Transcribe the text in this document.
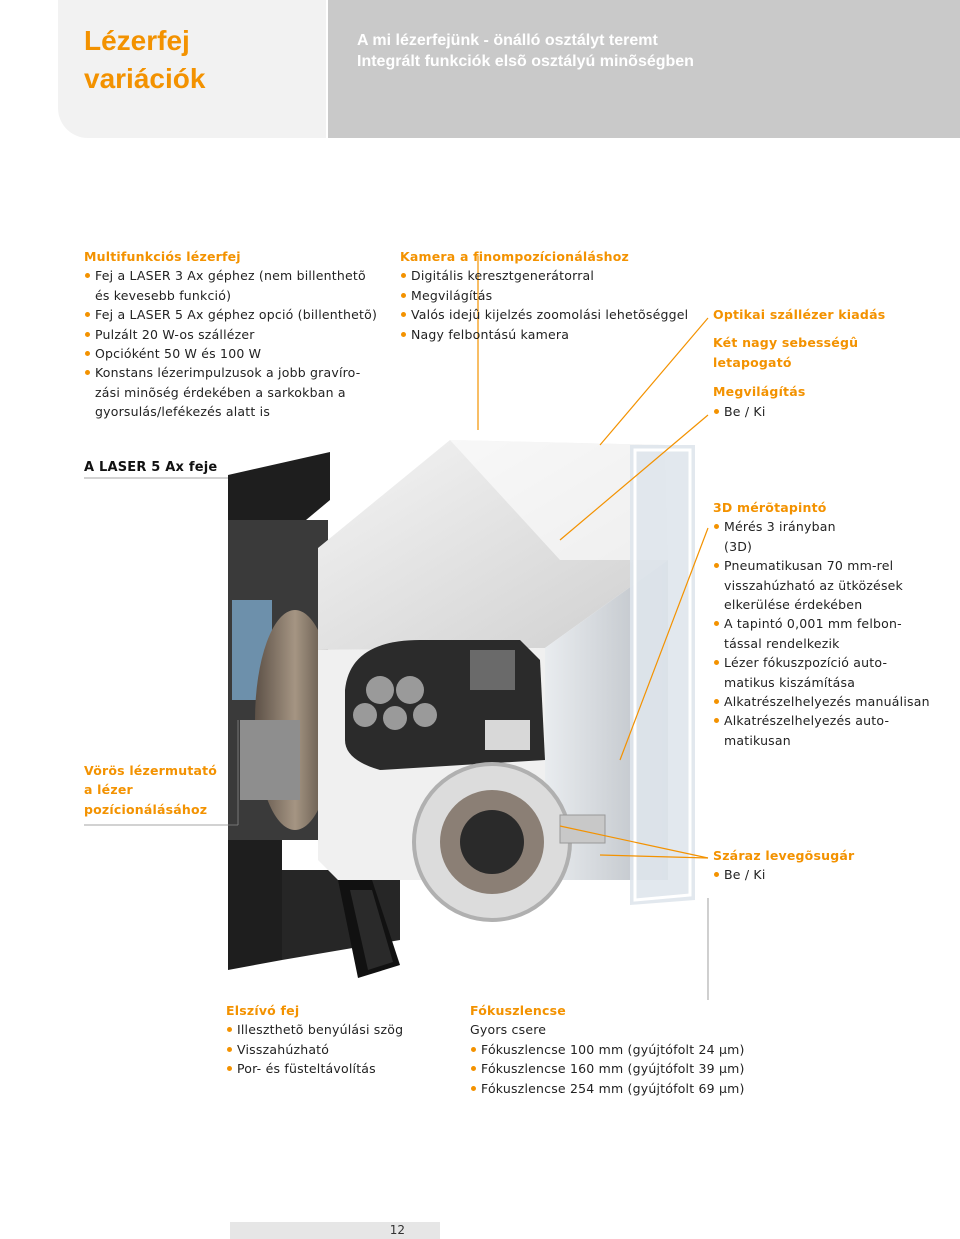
Lézerfej
variációk
A mi lézerfejünk - önálló osztályt teremt
Integrált funkciók elsõ osztályú minõségben
Multifunkciós lézerfej
Fej a LASER 3 Ax géphez (nem billenthetõ
és kevesebb funkció)
Fej a LASER 5 Ax géphez opció (billenthetõ)
Pulzált 20 W-os szállézer
Opcióként 50 W és 100 W
Konstans lézerimpulzusok a jobb gravíro-
zási minõség érdekében a sarkokban a
gyorsulás/lefékezés alatt is
Kamera a finompozícionáláshoz
Digitális keresztgenerátorral
Megvilágítás
Valós idejû kijelzés zoomolási lehetõséggel
Nagy felbontású kamera
Optikai szállézer kiadás
Két nagy sebességû
letapogató
Megvilágítás
Be / Ki
A LASER 5 Ax feje
3D mérõtapintó
Mérés 3 irányban
(3D)
Pneumatikusan 70 mm-rel
visszahúzható az ütközések
elkerülése érdekében
A tapintó 0,001 mm felbon-
tással rendelkezik
Lézer fókuszpozíció auto-
matikus kiszámítása
Alkatrészelhelyezés manuálisan
Alkatrészelhelyezés auto-
matikusan
Vörös lézermutató
a lézer
pozícionálásához
Száraz levegõsugár
Be / Ki
Elszívó fej
Illeszthetõ benyúlási szög
Visszahúzható
Por- és füsteltávolítás
Fókuszlencse
Gyors csere
Fókuszlencse 100 mm (gyújtófolt 24 µm)
Fókuszlencse 160 mm (gyújtófolt 39 µm)
Fókuszlencse 254 mm (gyújtófolt 69 µm)
12
